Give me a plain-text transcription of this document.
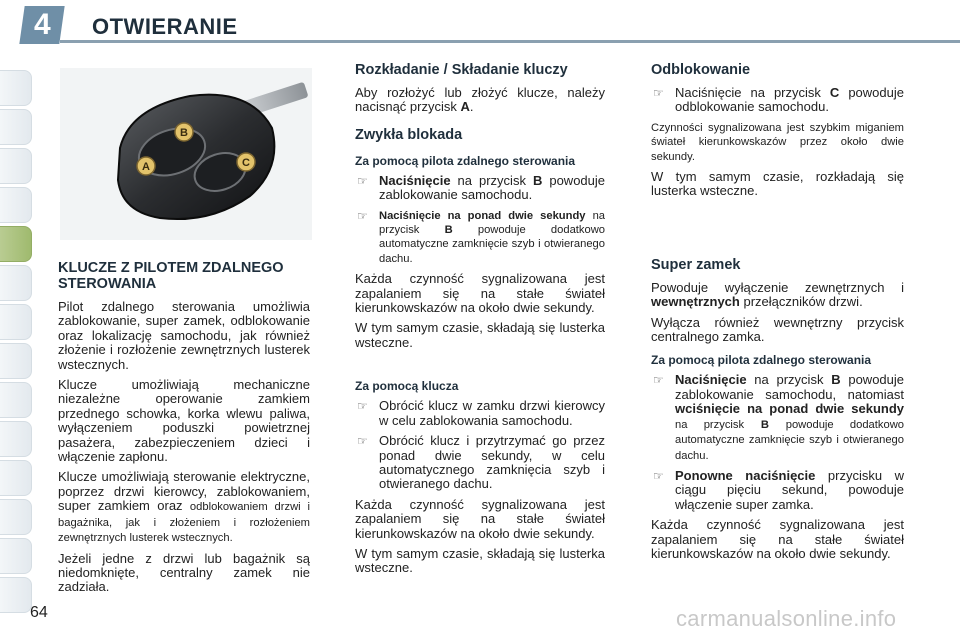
4	OTWIERANIE
B
C
A
KLUCZE Z PILOTEM ZDALNEGO STEROWANIA

Pilot zdalnego sterowania umożliwia zablokowanie, super zamek, odblokowanie oraz lokalizację samochodu, jak również złożenie i rozłożenie zewnętrznych lusterek wstecznych.

Klucze umożliwiają mechaniczne niezależne operowanie zamkiem przednego schowka, korka wlewu paliwa, wyłączeniem poduszki powietrznej pasażera, zabezpieczeniem dzieci i włączenie zapłonu.

Klucze umożliwiają sterowanie elektryczne, poprzez drzwi kierowcy, zablokowaniem, super zamkiem oraz odblokowaniem drzwi i bagażnika, jak i złożeniem i rozłożeniem zewnętrznych lusterek wstecznych.

Jeżeli jedne z drzwi lub bagażnik są niedomknięte, centralny zamek nie zadziała.

Rozkładanie / Składanie kluczy

Aby rozłożyć lub złożyć klucze, należy nacisnąć przycisk A.

Zwykła blokada
Za pomocą pilota zdalnego sterowania
☞ Naciśnięcie na przycisk B powoduje zablokowanie samochodu.
☞	Naciśnięcie na ponad dwie sekundy na przycisk B powoduje dodatkowo automatyczne zamknięcie szyb i otwieranego dachu.

Każda czynność sygnalizowana jest zapalaniem się na stałe świateł kierunkowskazów na około dwie sekundy.

W tym samym czasie, składają się lusterka wsteczne.

Za pomocą klucza
☞ Obrócić klucz w zamku drzwi kierowcy w celu zablokowania samochodu.
☞ Obrócić klucz i przytrzymać go przez ponad dwie sekundy, w celu automatycznego zamknięcia szyb i otwieranego dachu.

Każda czynność sygnalizowana jest zapalaniem się na stałe świateł kierunkowskazów na około dwie sekundy.

W tym samym czasie, składają się lusterka wsteczne.

Odblokowanie
☞ Naciśnięcie na przycisk C powoduje odblokowanie samochodu.

Czynności sygnalizowana jest szybkim miganiem świateł kierunkowskazów przez około dwie sekundy.

W tym samym czasie, rozkładają się lusterka wsteczne.

Super zamek

Powoduje wyłączenie zewnętrznych i wewnętrznych przełączników drzwi.

Wyłącza również wewnętrzny przycisk centralnego zamka.

Za pomocą pilota zdalnego sterowania
☞ Naciśnięcie na przycisk B powoduje zablokowanie samochodu, natomiast wciśnięcie na ponad dwie sekundy na przycisk B powoduje dodatkowo automatyczne zamknięcie szyb i otwieranego dachu.
☞ Ponowne naciśnięcie przycisku w ciągu pięciu sekund, powoduje włączenie super zamka.

Każda czynność sygnalizowana jest zapalaniem się na stałe świateł kierunkowskazów na około dwie sekundy.

64	carmanualsonline.info
